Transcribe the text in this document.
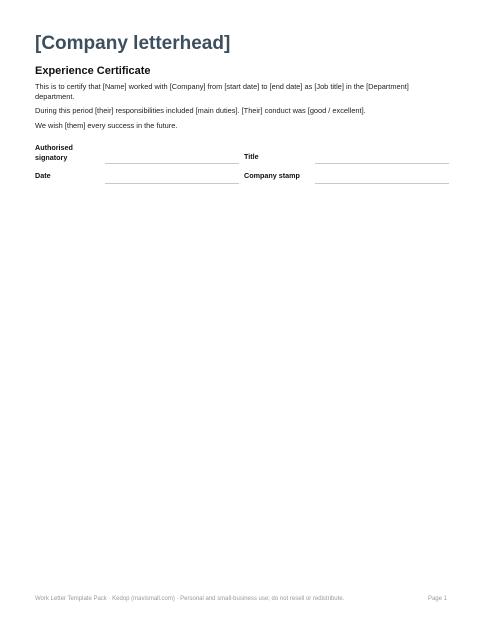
[Company letterhead]
Experience Certificate

This is to certify that [Name] worked with [Company] from [start date] to [end date] as [Job title] in the [Department] department.

During this period [their] responsibilities included [main duties]. [Their] conduct was [good / excellent].

We wish [them] every success in the future.

Authorised signatory	Title

Date	Company stamp

Work Letter Template Pack · Kedop (mavismall.com) · Personal and small-business use; do not resell or redistribute.	Page 1
